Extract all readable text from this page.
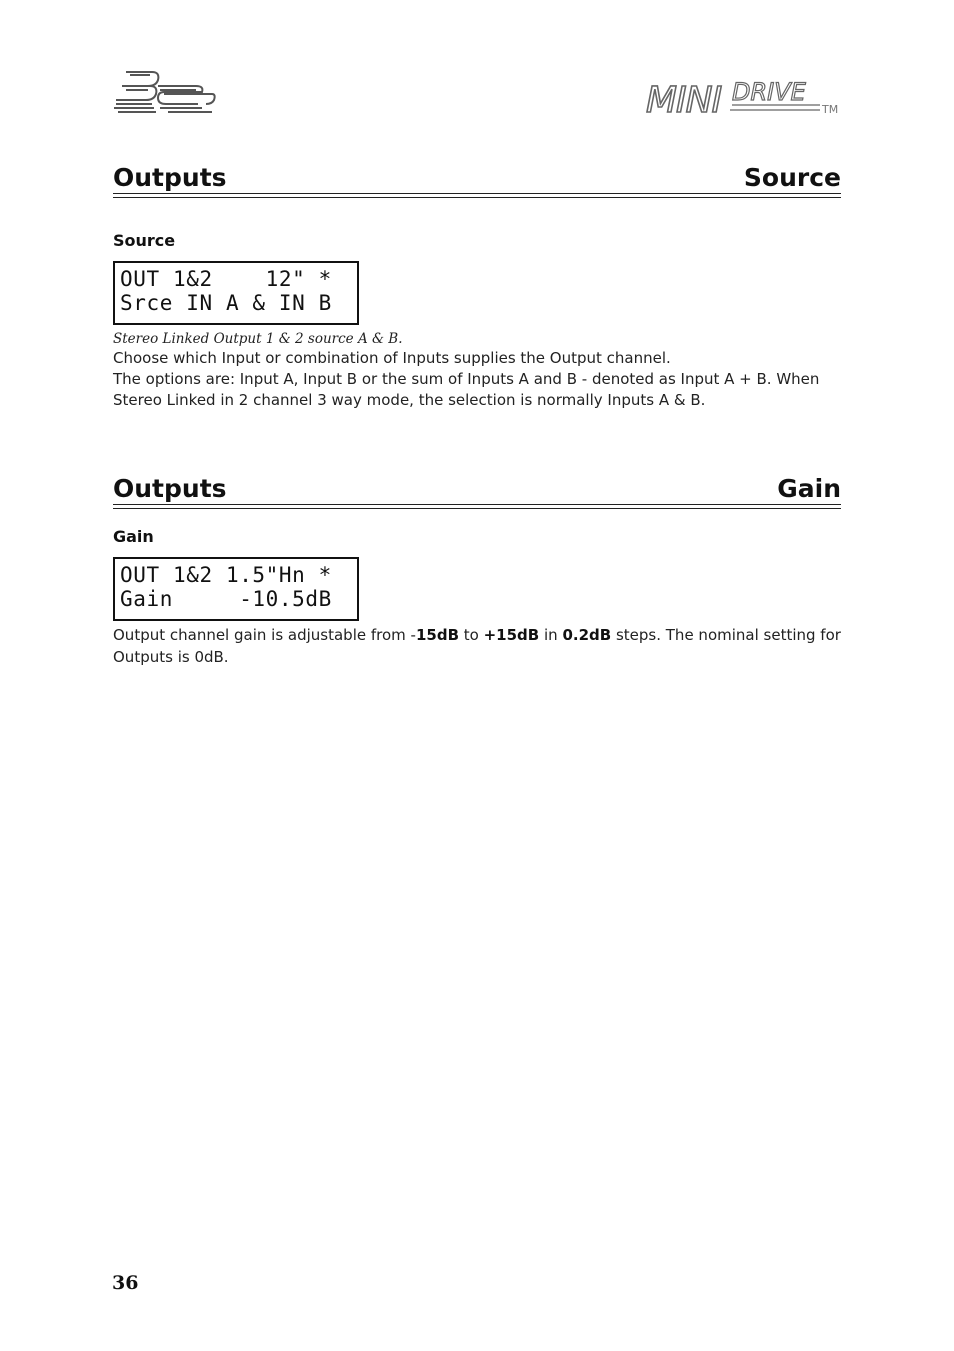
BSS
MINI DRIVE
TM
Outputs	Source
Source
OUT 1&2    12" *
Srce IN A & IN B
Stereo Linked Output 1 & 2 source A & B.
Choose which Input or combination of Inputs supplies the Output channel.
The options are: Input A, Input B or the sum of Inputs A and B - denoted as Input A + B. When
Stereo Linked in 2 channel 3 way mode, the selection is normally Inputs A & B.
Outputs	Gain
Gain
OUT 1&2 1.5"Hn *
Gain     -10.5dB
Output channel gain is adjustable from -15dB to +15dB in 0.2dB steps. The nominal setting for
Outputs is 0dB.
36
